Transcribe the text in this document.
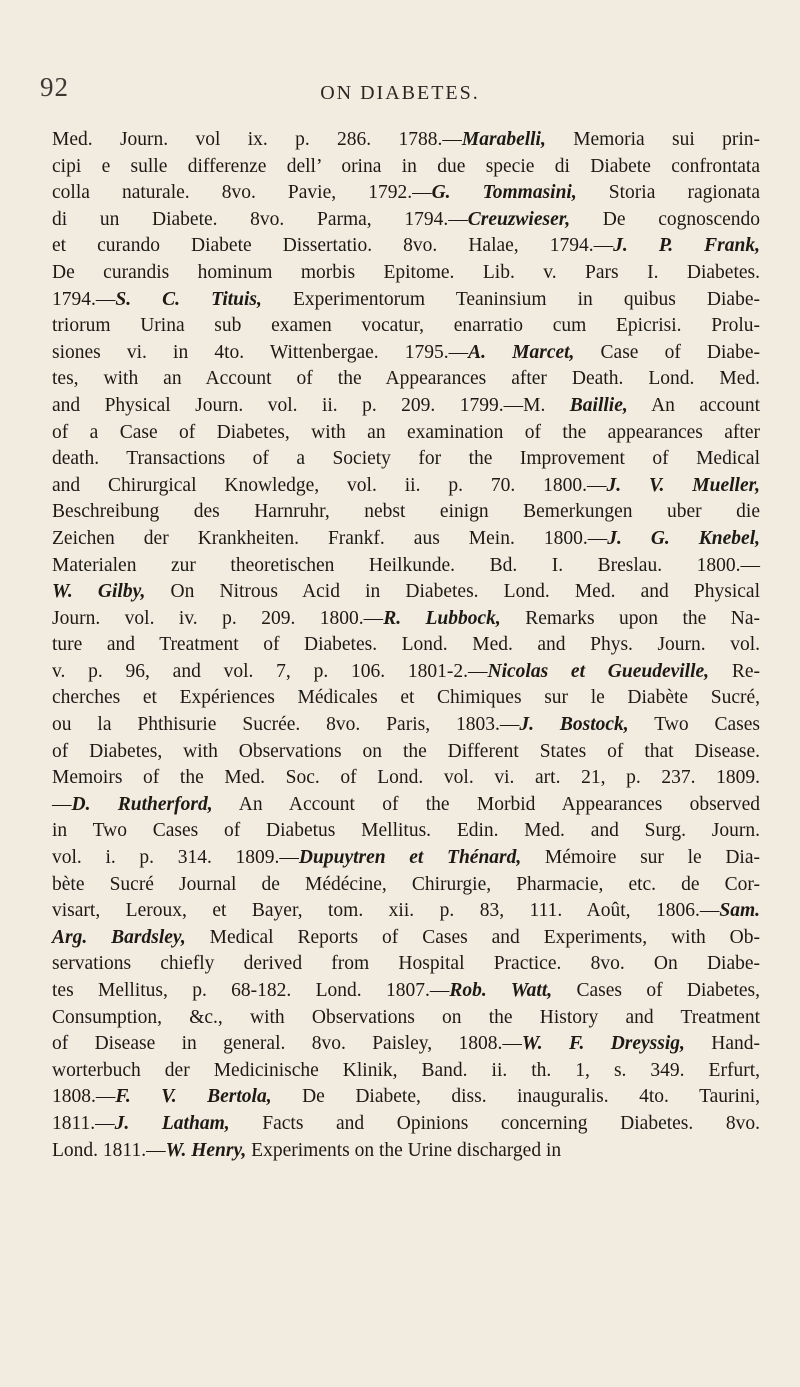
92	ON DIABETES.
Med. Journ. vol ix. p. 286. 1788.—Marabelli, Memoria sui prin-
cipi e sulle differenze dell’ orina in due specie di Diabete confrontata
colla naturale. 8vo. Pavie, 1792.—G. Tommasini, Storia ragionata
di un Diabete. 8vo. Parma, 1794.—Creuzwieser, De cognoscendo
et curando Diabete Dissertatio. 8vo. Halae, 1794.—J. P. Frank,
De curandis hominum morbis Epitome. Lib. v. Pars I. Diabetes.
1794.—S. C. Tituis, Experimentorum Teaninsium in quibus Diabe-
triorum Urina sub examen vocatur, enarratio cum Epicrisi. Prolu-
siones vi. in 4to. Wittenbergae. 1795.—A. Marcet, Case of Diabe-
tes, with an Account of the Appearances after Death. Lond. Med.
and Physical Journ. vol. ii. p. 209. 1799.—M. Baillie, An account
of a Case of Diabetes, with an examination of the appearances after
death. Transactions of a Society for the Improvement of Medical
and Chirurgical Knowledge, vol. ii. p. 70. 1800.—J. V. Mueller,
Beschreibung des Harnruhr, nebst einign Bemerkungen uber die
Zeichen der Krankheiten. Frankf. aus Mein. 1800.—J. G. Knebel,
Materialen zur theoretischen Heilkunde. Bd. I. Breslau. 1800.—
W. Gilby, On Nitrous Acid in Diabetes. Lond. Med. and Physical
Journ. vol. iv. p. 209. 1800.—R. Lubbock, Remarks upon the Na-
ture and Treatment of Diabetes. Lond. Med. and Phys. Journ. vol.
v. p. 96, and vol. 7, p. 106. 1801-2.—Nicolas et Gueudeville, Re-
cherches et Expériences Médicales et Chimiques sur le Diabète Sucré,
ou la Phthisurie Sucrée. 8vo. Paris, 1803.—J. Bostock, Two Cases
of Diabetes, with Observations on the Different States of that Disease.
Memoirs of the Med. Soc. of Lond. vol. vi. art. 21, p. 237. 1809.
—D. Rutherford, An Account of the Morbid Appearances observed
in Two Cases of Diabetus Mellitus. Edin. Med. and Surg. Journ.
vol. i. p. 314. 1809.—Dupuytren et Thénard, Mémoire sur le Dia-
bète Sucré Journal de Médécine, Chirurgie, Pharmacie, etc. de Cor-
visart, Leroux, et Bayer, tom. xii. p. 83, 111. Août, 1806.—Sam.
Arg. Bardsley, Medical Reports of Cases and Experiments, with Ob-
servations chiefly derived from Hospital Practice. 8vo. On Diabe-
tes Mellitus, p. 68-182. Lond. 1807.—Rob. Watt, Cases of Diabetes,
Consumption, &c., with Observations on the History and Treatment
of Disease in general. 8vo. Paisley, 1808.—W. F. Dreyssig, Hand-
worterbuch der Medicinische Klinik, Band. ii. th. 1, s. 349. Erfurt,
1808.—F. V. Bertola, De Diabete, diss. inauguralis. 4to. Taurini,
1811.—J. Latham, Facts and Opinions concerning Diabetes. 8vo.
Lond. 1811.—W. Henry, Experiments on the Urine discharged in
